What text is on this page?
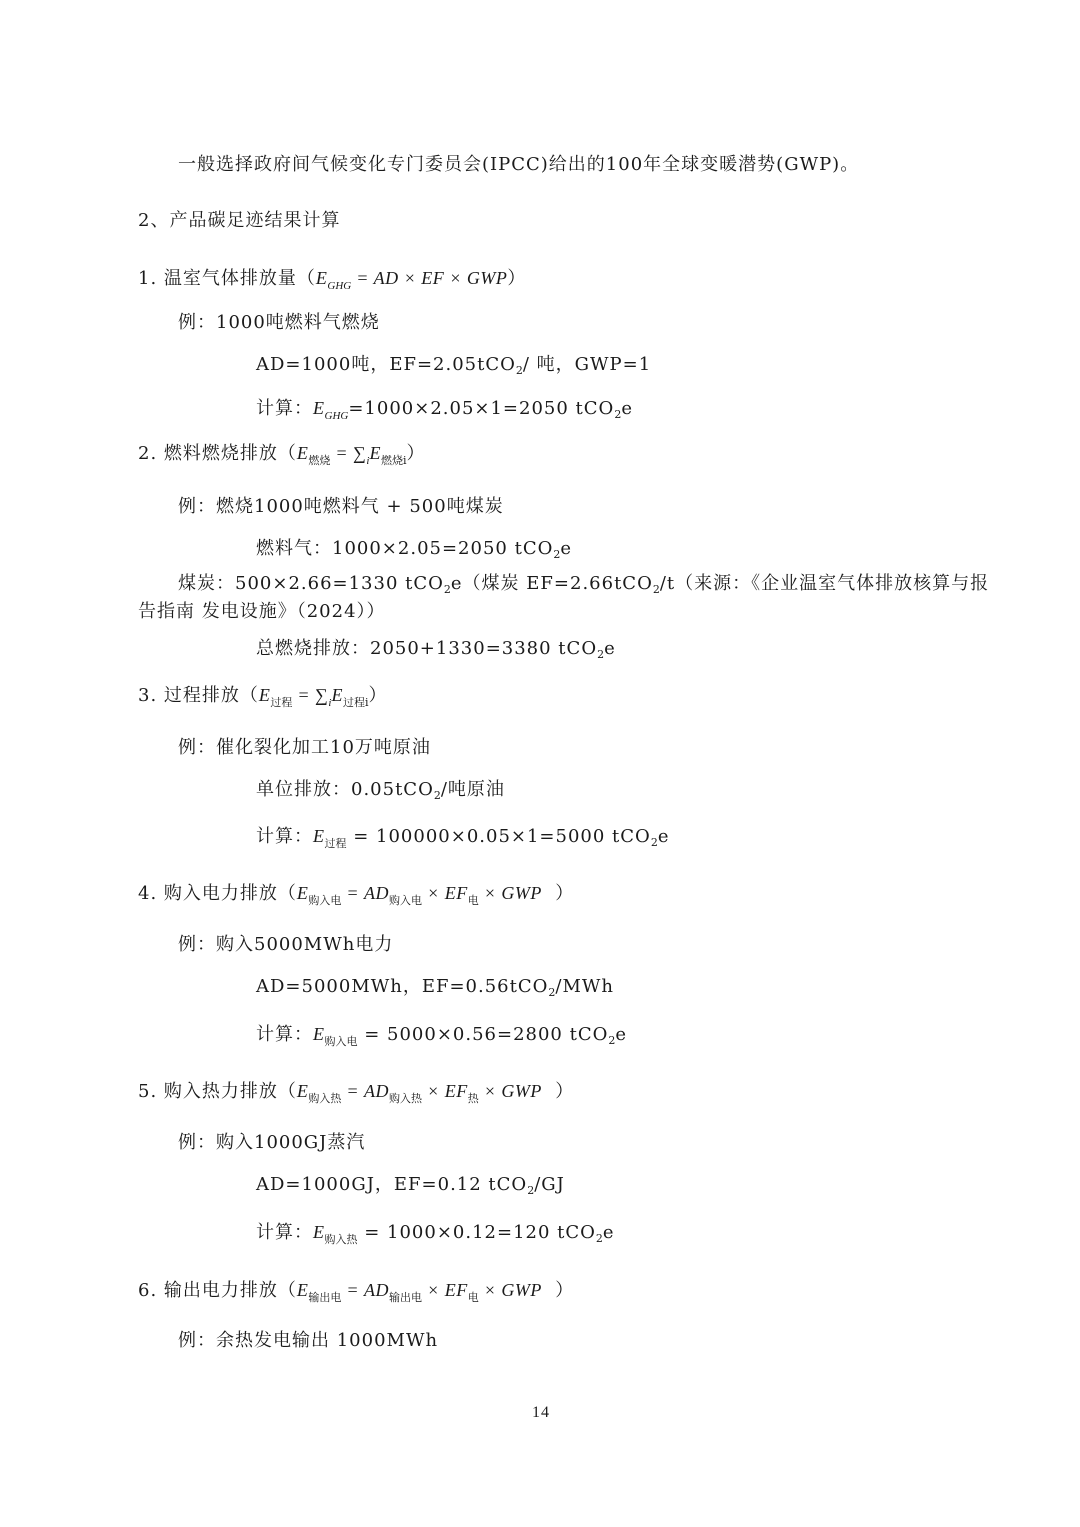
一般选择政府间气候变化专门委员会(IPCC)给出的100年全球变暖潜势(GWP)。
2、产品碳足迹结果计算
1. 温室气体排放量（$E_{GHG}$ = AD × EF × GWP）
例：1000吨燃料气燃烧
AD=1000吨，EF=2.05tCO$_2$/ 吨，GWP=1
计算：$E_{GHG}=1000\times 2.05\times 1=2050$ tCO$_2$e
2. 燃料燃烧排放$(E_{燃烧} = \sum_iE_{燃烧i})$
例：燃烧1000吨燃料气 + 500吨煤炭
燃料气：1000×2.05=2050 tCO$_2$e
煤炭：500×2.66=1330 tCO$_2$e（煤炭 EF=2.66tCO$_2$/t（来源：《企业温室气体排放核算与报
告指南 发电设施》（2024））
总燃烧排放：2050+1330=3380 tCO$_2$e
3. 过程排放$(E_{过程} = \sum_iE_{过程i})$
例：催化裂化加工10万吨原油
单位排放：0.05tCO$_2$/吨原油
计算：$E_{过程} = 100000\times 0.05\times 1=5000$ tCO$_2$e
4. 购入电力排放（$E_{购入电} = AD_{购入电} \times EF_电$ × GWP ）
例：购入5000MWh电力
AD=5000MWh，EF=0.56tCO$_2$/MWh
计算：$E_{购入电} = 5000\times 0.56=2800$ tCO$_2$e
5. 购入热力排放（$E_{购入热} = AD_{购入热} \times EF_热$ × GWP ）
例：购入1000GJ蒸汽
AD=1000GJ，EF=0.12 tCO$_2$/GJ
计算：$E_{购入热} = 1000\times 0.12=120$ tCO$_2$e
6. 输出电力排放（$E_{输出电} = AD_{输出电} \times EF_电$ × GWP ）
例：余热发电输出 1000MWh
14
